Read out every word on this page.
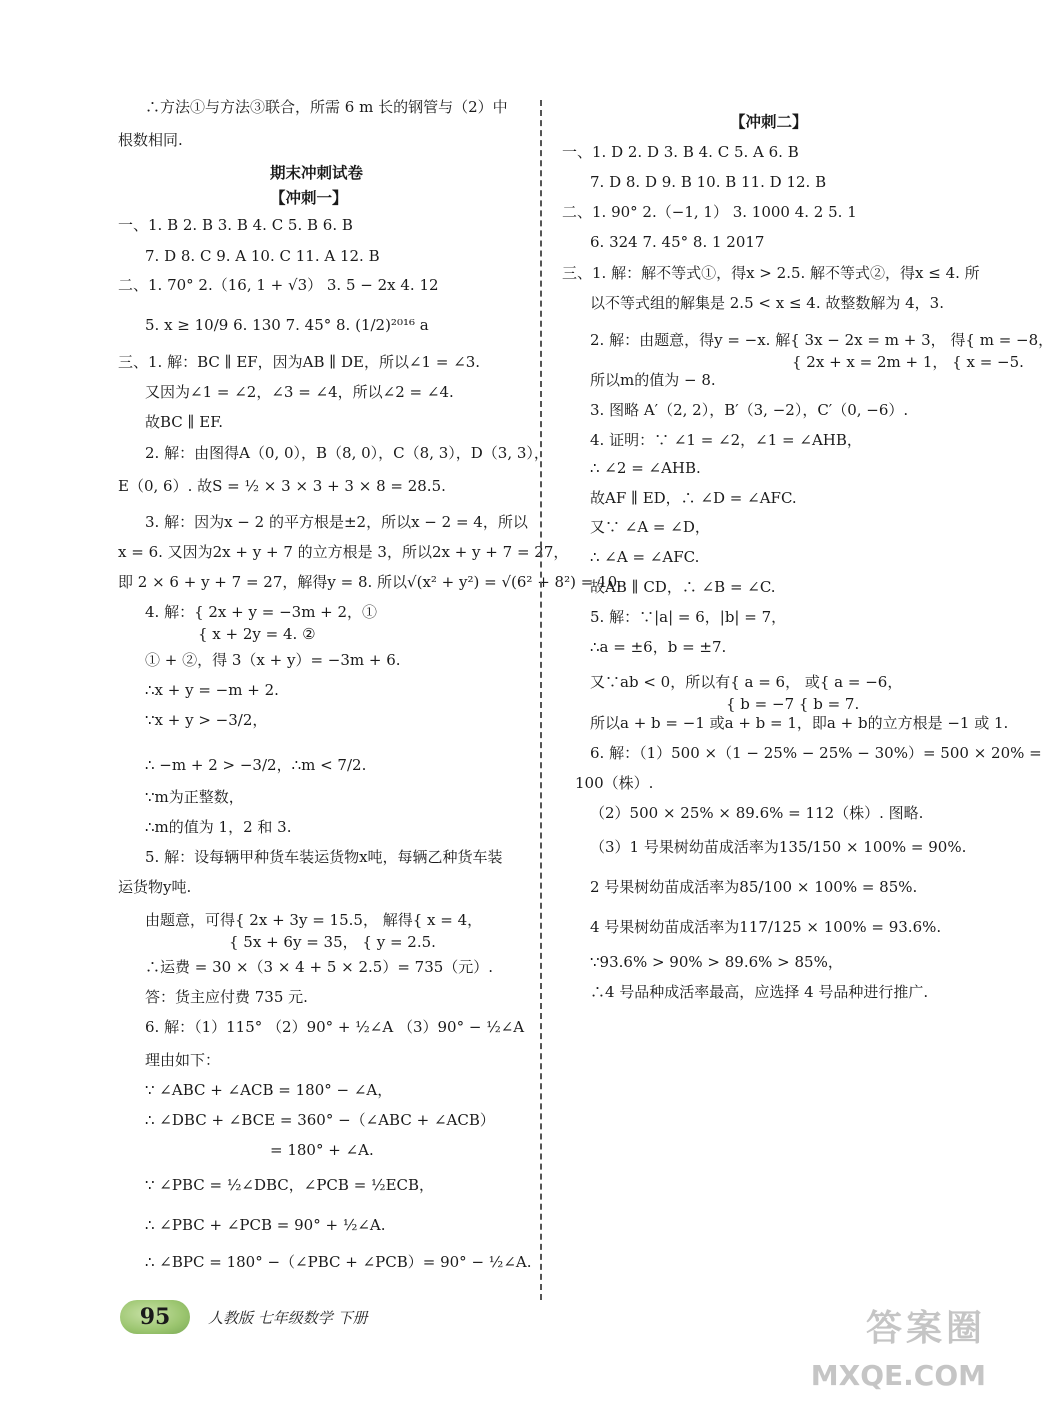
∴方法①与方法③联合，所需 6 m 长的钢管与（2）中
根数相同.
期末冲刺试卷
【冲刺一】
一、1. B 2. B 3. B 4. C 5. B 6. B
7. D 8. C 9. A 10. C 11. A 12. B
二、1. 70° 2.（16, 1 + √3） 3. 5 − 2x 4. 12
5. x ≥ 10/9 6. 130 7. 45° 8. (1/2)²⁰¹⁶ a
三、1. 解：BC ∥ EF，因为AB ∥ DE，所以∠1 = ∠3.
又因为∠1 = ∠2，∠3 = ∠4，所以∠2 = ∠4.
故BC ∥ EF.
2. 解：由图得A（0, 0），B（8, 0），C（8, 3），D（3, 3），
E（0, 6）. 故S = ½ × 3 × 3 + 3 × 8 = 28.5.
3. 解：因为x − 2 的平方根是±2，所以x − 2 = 4，所以
x = 6. 又因为2x + y + 7 的立方根是 3，所以2x + y + 7 = 27，
即 2 × 6 + y + 7 = 27，解得y = 8. 所以√(x² + y²) = √(6² + 8²) = 10.
4. 解：{ 2x + y = −3m + 2，①
{ x + 2y = 4. ②
① + ②，得 3（x + y）= −3m + 6.
∴x + y = −m + 2.
∵x + y > −3/2，
∴ −m + 2 > −3/2，∴m < 7/2.
∵m为正整数，
∴m的值为 1，2 和 3.
5. 解：设每辆甲种货车装运货物x吨，每辆乙种货车装
运货物y吨.
由题意，可得{ 2x + 3y = 15.5， 解得{ x = 4，
{ 5x + 6y = 35， { y = 2.5.
∴运费 = 30 ×（3 × 4 + 5 × 2.5）= 735（元）.
答：货主应付费 735 元.
6. 解：（1）115° （2）90° + ½∠A （3）90° − ½∠A
理由如下：
∵ ∠ABC + ∠ACB = 180° − ∠A，
∴ ∠DBC + ∠BCE = 360° −（∠ABC + ∠ACB）
= 180° + ∠A.
∵ ∠PBC = ½∠DBC，∠PCB = ½ECB，
∴ ∠PBC + ∠PCB = 90° + ½∠A.
∴ ∠BPC = 180° −（∠PBC + ∠PCB）= 90° − ½∠A.
【冲刺二】
一、1. D 2. D 3. B 4. C 5. A 6. B
7. D 8. D 9. B 10. B 11. D 12. B
二、1. 90° 2.（−1, 1） 3. 1000 4. 2 5. 1
6. 324 7. 45° 8. 1 2017
三、1. 解：解不等式①，得x > 2.5. 解不等式②，得x ≤ 4. 所
以不等式组的解集是 2.5 < x ≤ 4. 故整数解为 4，3.
2. 解：由题意，得y = −x. 解{ 3x − 2x = m + 3， 得{ m = −8，
{ 2x + x = 2m + 1， { x = −5.
所以m的值为 − 8.
3. 图略 A′（2, 2），B′（3, −2），C′（0, −6）.
4. 证明：∵ ∠1 = ∠2，∠1 = ∠AHB，
∴ ∠2 = ∠AHB.
故AF ∥ ED，∴ ∠D = ∠AFC.
又∵ ∠A = ∠D，
∴ ∠A = ∠AFC.
故AB ∥ CD，∴ ∠B = ∠C.
5. 解：∵|a| = 6，|b| = 7，
∴a = ±6，b = ±7.
又∵ab < 0，所以有{ a = 6， 或{ a = −6，
{ b = −7 { b = 7.
所以a + b = −1 或a + b = 1，即a + b的立方根是 −1 或 1.
6. 解：（1）500 ×（1 − 25% − 25% − 30%）= 500 × 20% =
100（株）.
（2）500 × 25% × 89.6% = 112（株）. 图略.
（3）1 号果树幼苗成活率为135/150 × 100% = 90%.
2 号果树幼苗成活率为85/100 × 100% = 85%.
4 号果树幼苗成活率为117/125 × 100% = 93.6%.
∵93.6% > 90% > 89.6% > 85%，
∴4 号品种成活率最高，应选择 4 号品种进行推广.
95	人教版 七年级数学 下册	答案圈
MXQE.COM
